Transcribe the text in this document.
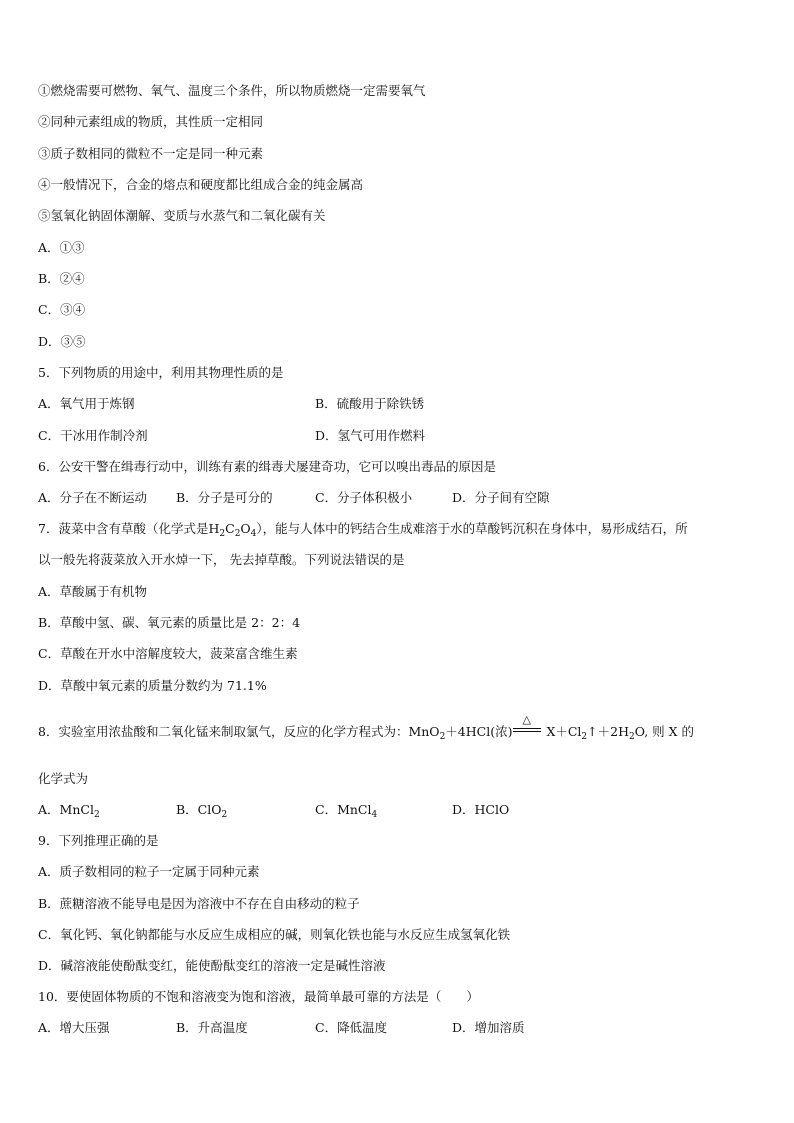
①燃烧需要可燃物、氧气、温度三个条件，所以物质燃烧一定需要氧气
②同种元素组成的物质，其性质一定相同
③质子数相同的微粒不一定是同一种元素
④一般情况下，合金的熔点和硬度都比组成合金的纯金属高
⑤氢氧化钠固体潮解、变质与水蒸气和二氧化碳有关
A．①③
B．②④
C．③④
D．③⑤
5．下列物质的用途中，利用其物理性质的是
A．氧气用于炼钢	B．硫酸用于除铁锈
C．干冰用作制冷剂	D．氢气可用作燃料
6．公安干警在缉毒行动中，训练有素的缉毒犬屡建奇功，它可以嗅出毒品的原因是
A．分子在不断运动 B．分子是可分的	C．分子体积极小	D．分子间有空隙
7．菠菜中含有草酸（化学式是$H_2C_2O_4$），能与人体中的钙结合生成难溶于水的草酸钙沉积在身体中，易形成结石，所
以一般先将菠菜放入开水焯一下， 先去掉草酸。下列说法错误的是
A．草酸属于有机物
B．草酸中氢、碳、氧元素的质量比是 2：2：4
C．草酸在开水中溶解度较大，菠菜富含维生素
D．草酸中氧元素的质量分数约为 71.1%
8．实验室用浓盐酸和二氧化锰来制取氯气，反应的化学方程式为：MnO$_2$＋4HCl(浓)
△
$X+Cl_2↑+2H_2O$, 则 X 的
化学式为
A．MnCl$_2$	B．ClO$_2$	C．MnCl$_4$	D．HClO
9．下列推理正确的是
A．质子数相同的粒子一定属于同种元素
B．蔗糖溶液不能导电是因为溶液中不存在自由移动的粒子
C．氧化钙、氧化钠都能与水反应生成相应的碱，则氧化铁也能与水反应生成氢氧化铁
D．碱溶液能使酚酞变红，能使酚酞变红的溶液一定是碱性溶液
10．要使固体物质的不饱和溶液变为饱和溶液，最简单最可靠的方法是（　　）
A．增大压强	B．升高温度	C．降低温度	D．增加溶质
